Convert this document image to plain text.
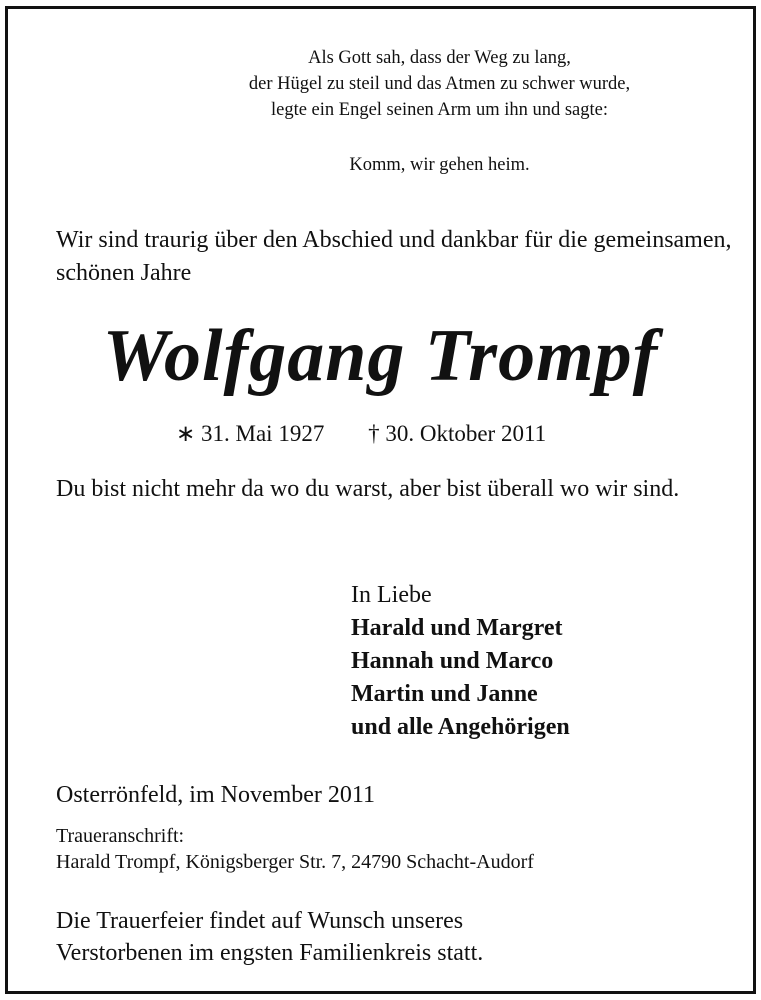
Als Gott sah, dass der Weg zu lang,
der Hügel zu steil und das Atmen zu schwer wurde,
legte ein Engel seinen Arm um ihn und sagte:
Komm, wir gehen heim.
Wir sind traurig über den Abschied und dankbar für die gemeinsamen, schönen Jahre
Wolfgang Trompf
∗ 31. Mai 1927 † 30. Oktober 2011
Du bist nicht mehr da wo du warst, aber bist überall wo wir sind.
In Liebe
Harald und Margret
Hannah und Marco
Martin und Janne
und alle Angehörigen
Osterrönfeld, im November 2011
Traueranschrift:
Harald Trompf, Königsberger Str. 7, 24790 Schacht-Audorf
Die Trauerfeier findet auf Wunsch unseres
Verstorbenen im engsten Familienkreis statt.
